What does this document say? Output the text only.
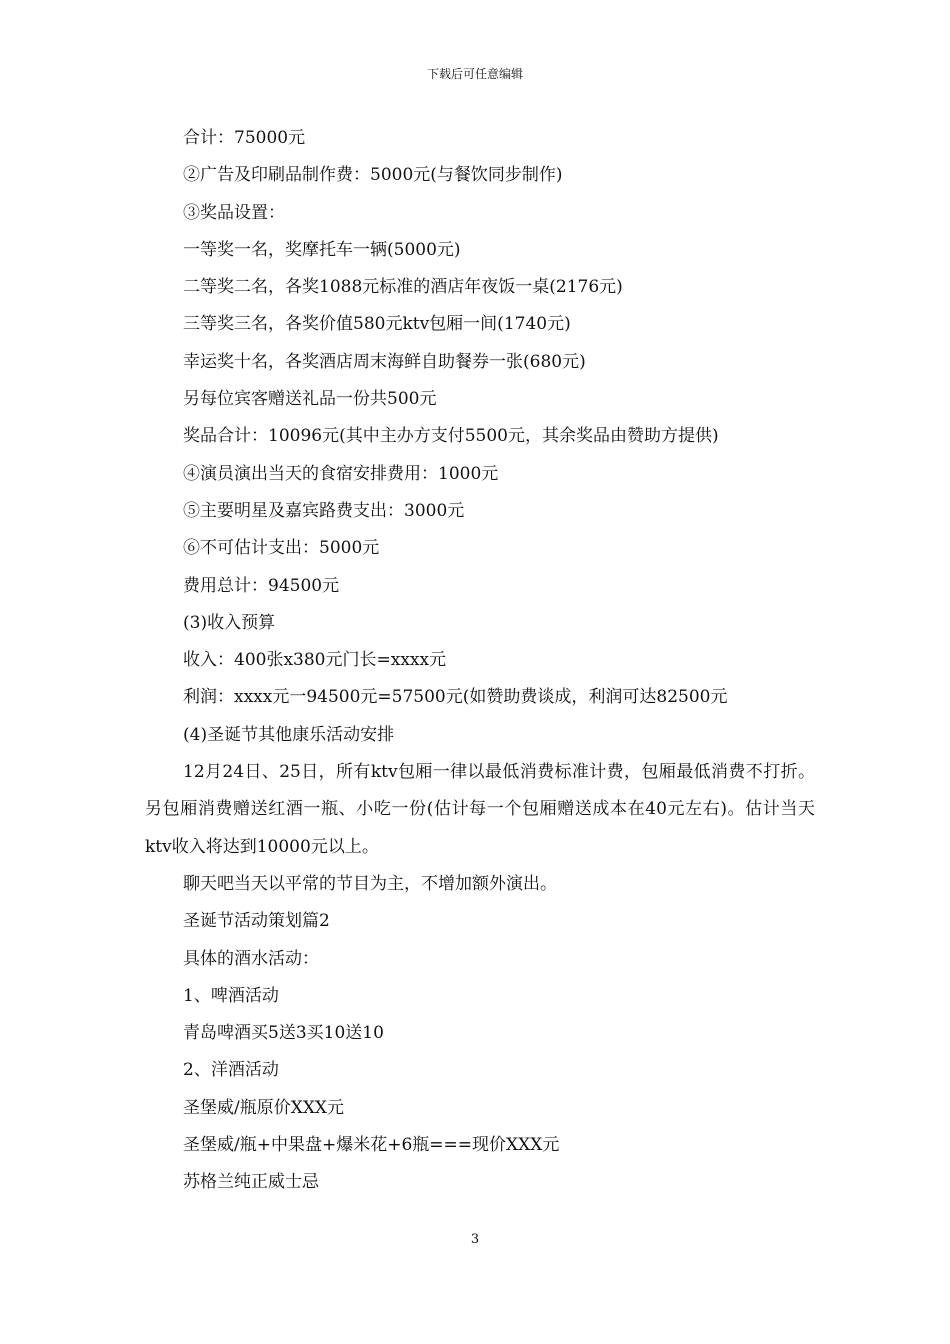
下载后可任意编辑
合计：75000元
②广告及印刷品制作费：5000元(与餐饮同步制作)
③奖品设置：
一等奖一名，奖摩托车一辆(5000元)
二等奖二名，各奖1088元标准的酒店年夜饭一桌(2176元)
三等奖三名，各奖价值580元ktv包厢一间(1740元)
幸运奖十名，各奖酒店周末海鲜自助餐券一张(680元)
另每位宾客赠送礼品一份共500元
奖品合计：10096元(其中主办方支付5500元，其余奖品由赞助方提供)
④演员演出当天的食宿安排费用：1000元
⑤主要明星及嘉宾路费支出：3000元
⑥不可估计支出：5000元
费用总计：94500元
(3)收入预算
收入：400张x380元门长=xxxx元
利润：xxxx元一94500元=57500元(如赞助费谈成，利润可达82500元
(4)圣诞节其他康乐活动安排
12月24日、25日，所有ktv包厢一律以最低消费标准计费，包厢最低消费不打折。另包厢消费赠送红酒一瓶、小吃一份(估计每一个包厢赠送成本在40元左右)。估计当天ktv收入将达到10000元以上。
聊天吧当天以平常的节目为主，不增加额外演出。
圣诞节活动策划篇2
具体的酒水活动：
1、啤酒活动
青岛啤酒买5送3买10送10
2、洋酒活动
圣堡威/瓶原价XXX元
圣堡威/瓶+中果盘+爆米花+6瓶===现价XXX元
苏格兰纯正威士忌
3
